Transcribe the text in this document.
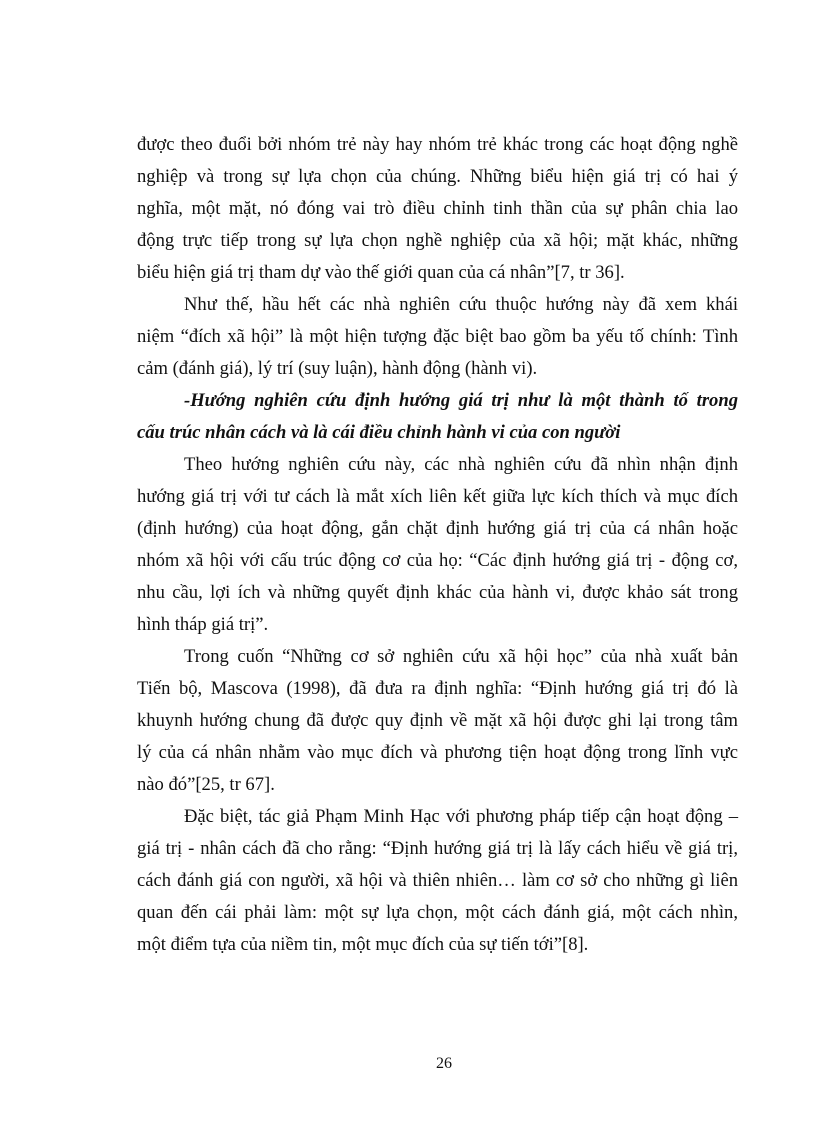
được theo đuổi bởi nhóm trẻ này hay nhóm trẻ khác trong các hoạt động nghề
nghiệp và trong sự lựa chọn của chúng. Những biểu hiện giá trị có hai ý
nghĩa, một mặt, nó đóng vai trò điều chỉnh tinh thần của sự phân chia lao
động trực tiếp trong sự lựa chọn nghề nghiệp của xã hội; mặt khác, những
biểu hiện giá trị tham dự vào thế giới quan của cá nhân”[7, tr 36].
Như thế, hầu hết các nhà nghiên cứu thuộc hướng này đã xem khái
niệm “đích xã hội” là một hiện tượng đặc biệt bao gồm ba yếu tố chính: Tình
cảm (đánh giá), lý trí (suy luận), hành động (hành vi).
-Hướng nghiên cứu định hướng giá trị như là một thành tố trong
cấu trúc nhân cách và là cái điều chỉnh hành vi của con người
Theo hướng nghiên cứu này, các nhà nghiên cứu đã nhìn nhận định
hướng giá trị với tư cách là mắt xích liên kết giữa lực kích thích và mục đích
(định hướng) của hoạt động, gắn chặt định hướng giá trị của cá nhân hoặc
nhóm xã hội với cấu trúc động cơ của họ: “Các định hướng giá trị - động cơ,
nhu cầu, lợi ích và những quyết định khác của hành vi, được khảo sát trong
hình tháp giá trị”.
Trong cuốn “Những cơ sở nghiên cứu xã hội học” của nhà xuất bản
Tiến bộ, Mascova (1998), đã đưa ra định nghĩa: “Định hướng giá trị đó là
khuynh hướng chung đã được quy định về mặt xã hội được ghi lại trong tâm
lý của cá nhân nhằm vào mục đích và phương tiện hoạt động trong lĩnh vực
nào đó”[25, tr 67].
Đặc biệt, tác giả Phạm Minh Hạc với phương pháp tiếp cận hoạt động –
giá trị - nhân cách đã cho rằng: “Định hướng giá trị là lấy cách hiểu về giá trị,
cách đánh giá con người, xã hội và thiên nhiên… làm cơ sở cho những gì liên
quan đến cái phải làm: một sự lựa chọn, một cách đánh giá, một cách nhìn,
một điểm tựa của niềm tin, một mục đích của sự tiến tới”[8].
26
